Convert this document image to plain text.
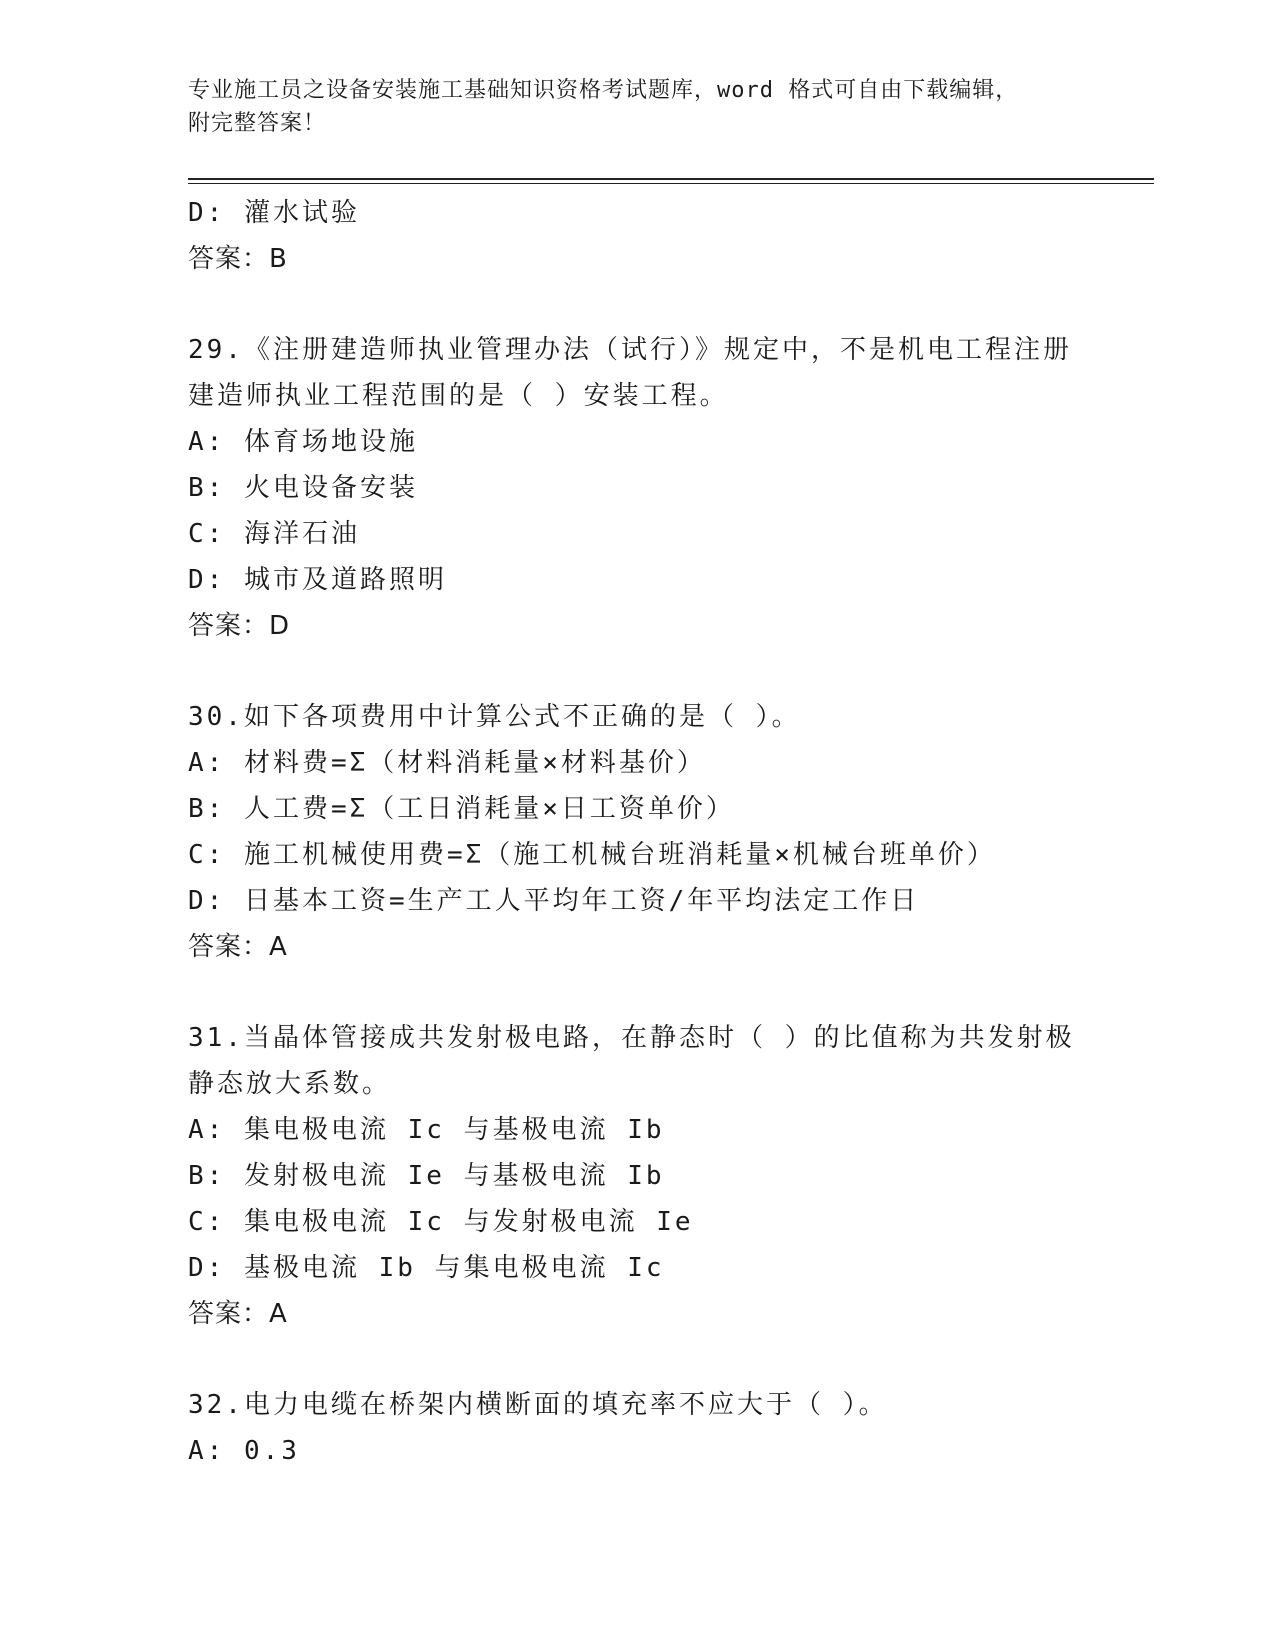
专业施工员之设备安装施工基础知识资格考试题库，word 格式可自由下载编辑，
附完整答案！
D: 灌水试验
答案：B
29.《注册建造师执业管理办法（试行）》规定中，不是机电工程注册
建造师执业工程范围的是（ ）安装工程。
A: 体育场地设施
B: 火电设备安装
C: 海洋石油
D: 城市及道路照明
答案：D
30.如下各项费用中计算公式不正确的是（ ）。
A: 材料费=Σ（材料消耗量×材料基价）
B: 人工费=Σ（工日消耗量×日工资单价）
C: 施工机械使用费=Σ（施工机械台班消耗量×机械台班单价）
D: 日基本工资=生产工人平均年工资/年平均法定工作日
答案：A
31.当晶体管接成共发射极电路，在静态时（ ）的比值称为共发射极
静态放大系数。
A: 集电极电流 Ic 与基极电流 Ib
B: 发射极电流 Ie 与基极电流 Ib
C: 集电极电流 Ic 与发射极电流 Ie
D: 基极电流 Ib 与集电极电流 Ic
答案：A
32.电力电缆在桥架内横断面的填充率不应大于（ ）。
A: 0.3
